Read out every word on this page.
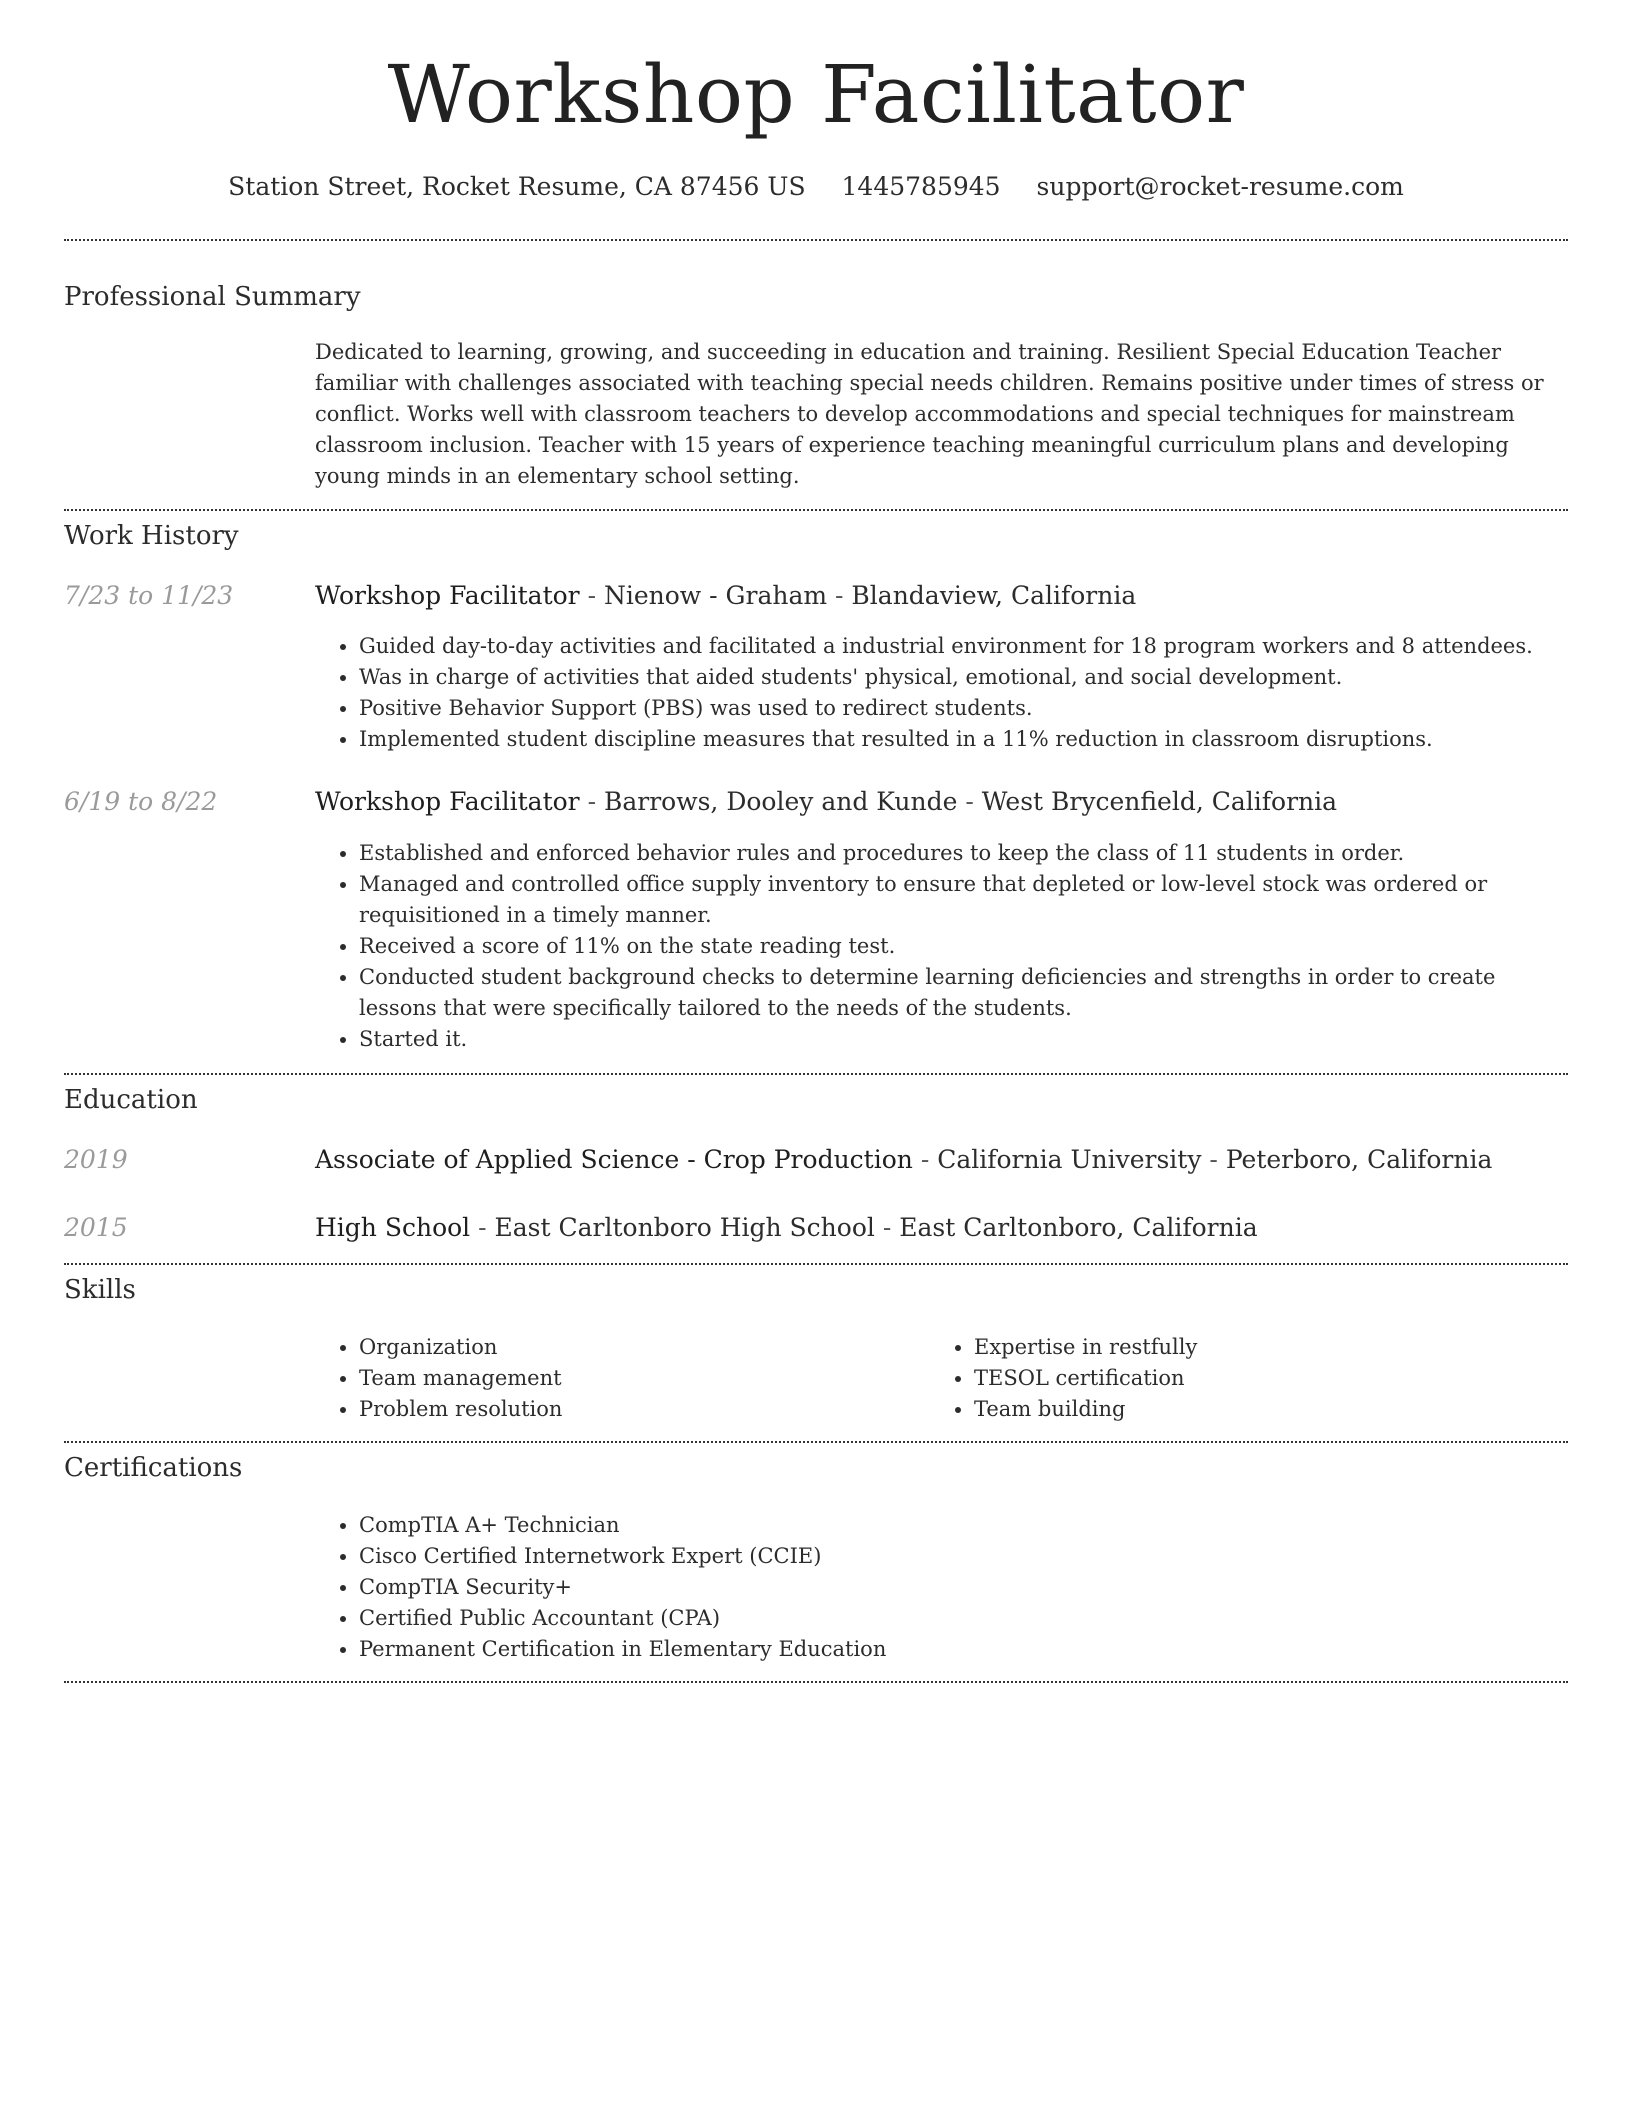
Workshop Facilitator
Station Street, Rocket Resume, CA 87456 US 1445785945 support@rocket-resume.com
Professional Summary
Dedicated to learning, growing, and succeeding in education and training. Resilient Special Education Teacher familiar with challenges associated with teaching special needs children. Remains positive under times of stress or conflict. Works well with classroom teachers to develop accommodations and special techniques for mainstream classroom inclusion. Teacher with 15 years of experience teaching meaningful curriculum plans and developing young minds in an elementary school setting.
Work History
7/23 to 11/23	Workshop Facilitator - Nienow - Graham - Blandaview, California
• Guided day-to-day activities and facilitated a industrial environment for 18 program workers and 8 attendees.
• Was in charge of activities that aided students' physical, emotional, and social development.
• Positive Behavior Support (PBS) was used to redirect students.
• Implemented student discipline measures that resulted in a 11% reduction in classroom disruptions.
6/19 to 8/22	Workshop Facilitator - Barrows, Dooley and Kunde - West Brycenfield, California
• Established and enforced behavior rules and procedures to keep the class of 11 students in order.
• Managed and controlled office supply inventory to ensure that depleted or low-level stock was ordered or requisitioned in a timely manner.
• Received a score of 11% on the state reading test.
• Conducted student background checks to determine learning deficiencies and strengths in order to create lessons that were specifically tailored to the needs of the students.
• Started it.
Education
2019	Associate of Applied Science - Crop Production - California University - Peterboro, California
2015	High School - East Carltonboro High School - East Carltonboro, California
Skills
• Organization
• Team management
• Problem resolution
• Expertise in restfully
• TESOL certification
• Team building
Certifications
• CompTIA A+ Technician
• Cisco Certified Internetwork Expert (CCIE)
• CompTIA Security+
• Certified Public Accountant (CPA)
• Permanent Certification in Elementary Education
